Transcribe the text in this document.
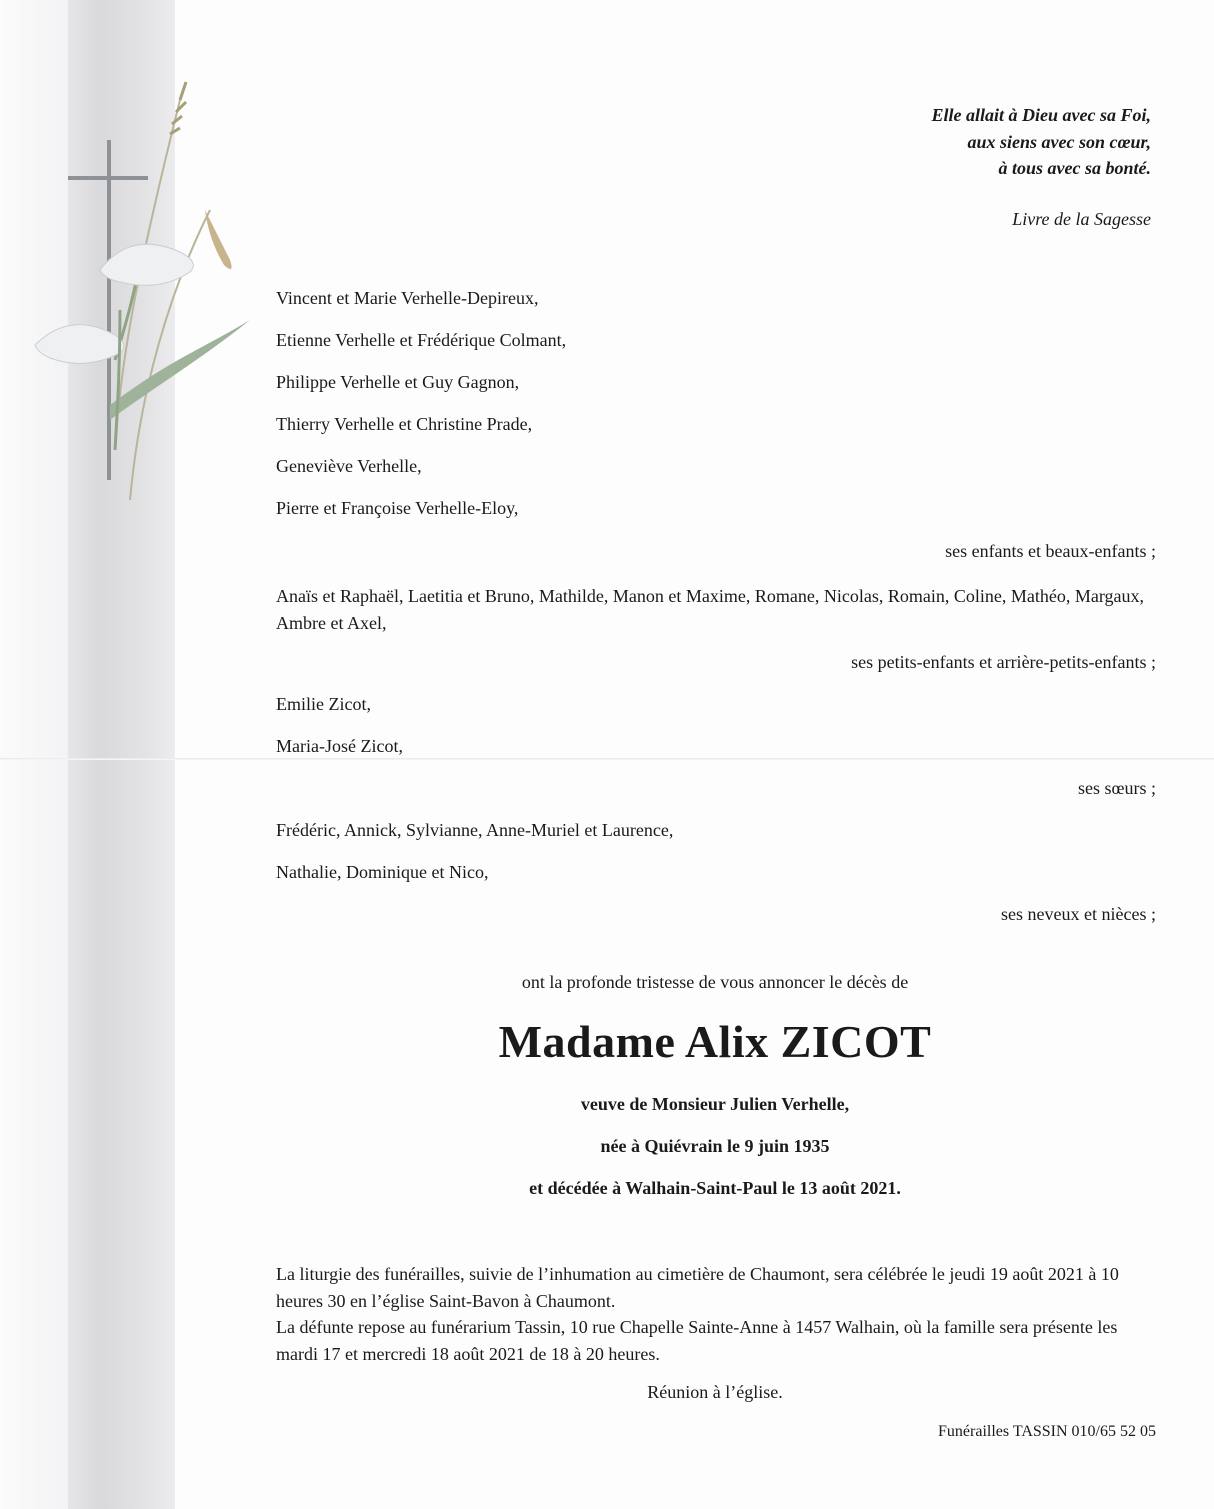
Elle allait à Dieu avec sa Foi,
aux siens avec son cœur,
à tous avec sa bonté.
Livre de la Sagesse
Vincent et Marie Verhelle-Depireux,
Etienne Verhelle et Frédérique Colmant,
Philippe Verhelle et Guy Gagnon,
Thierry Verhelle et Christine Prade,
Geneviève Verhelle,
Pierre et Françoise Verhelle-Eloy,
ses enfants et beaux-enfants ;
Anaïs et Raphaël, Laetitia et Bruno, Mathilde, Manon et Maxime, Romane, Nicolas, Romain, Coline, Mathéo, Margaux, Ambre et Axel,
ses petits-enfants et arrière-petits-enfants ;
Emilie Zicot,
Maria-José Zicot,
ses sœurs ;
Frédéric, Annick, Sylvianne, Anne-Muriel et Laurence,
Nathalie, Dominique et Nico,
ses neveux et nièces ;
ont la profonde tristesse de vous annoncer le décès de
Madame Alix ZICOT
veuve de Monsieur Julien Verhelle,
née à Quiévrain le 9 juin 1935
et décédée à Walhain-Saint-Paul le 13 août 2021.
La liturgie des funérailles, suivie de l’inhumation au cimetière de Chaumont, sera célébrée le jeudi 19 août 2021 à 10 heures 30 en l’église Saint-Bavon à Chaumont.
La défunte repose au funérarium Tassin, 10 rue Chapelle Sainte-Anne à 1457 Walhain, où la famille sera présente les mardi 17 et mercredi 18 août 2021 de 18 à 20 heures.
Réunion à l’église.
Funérailles TASSIN 010/65 52 05
